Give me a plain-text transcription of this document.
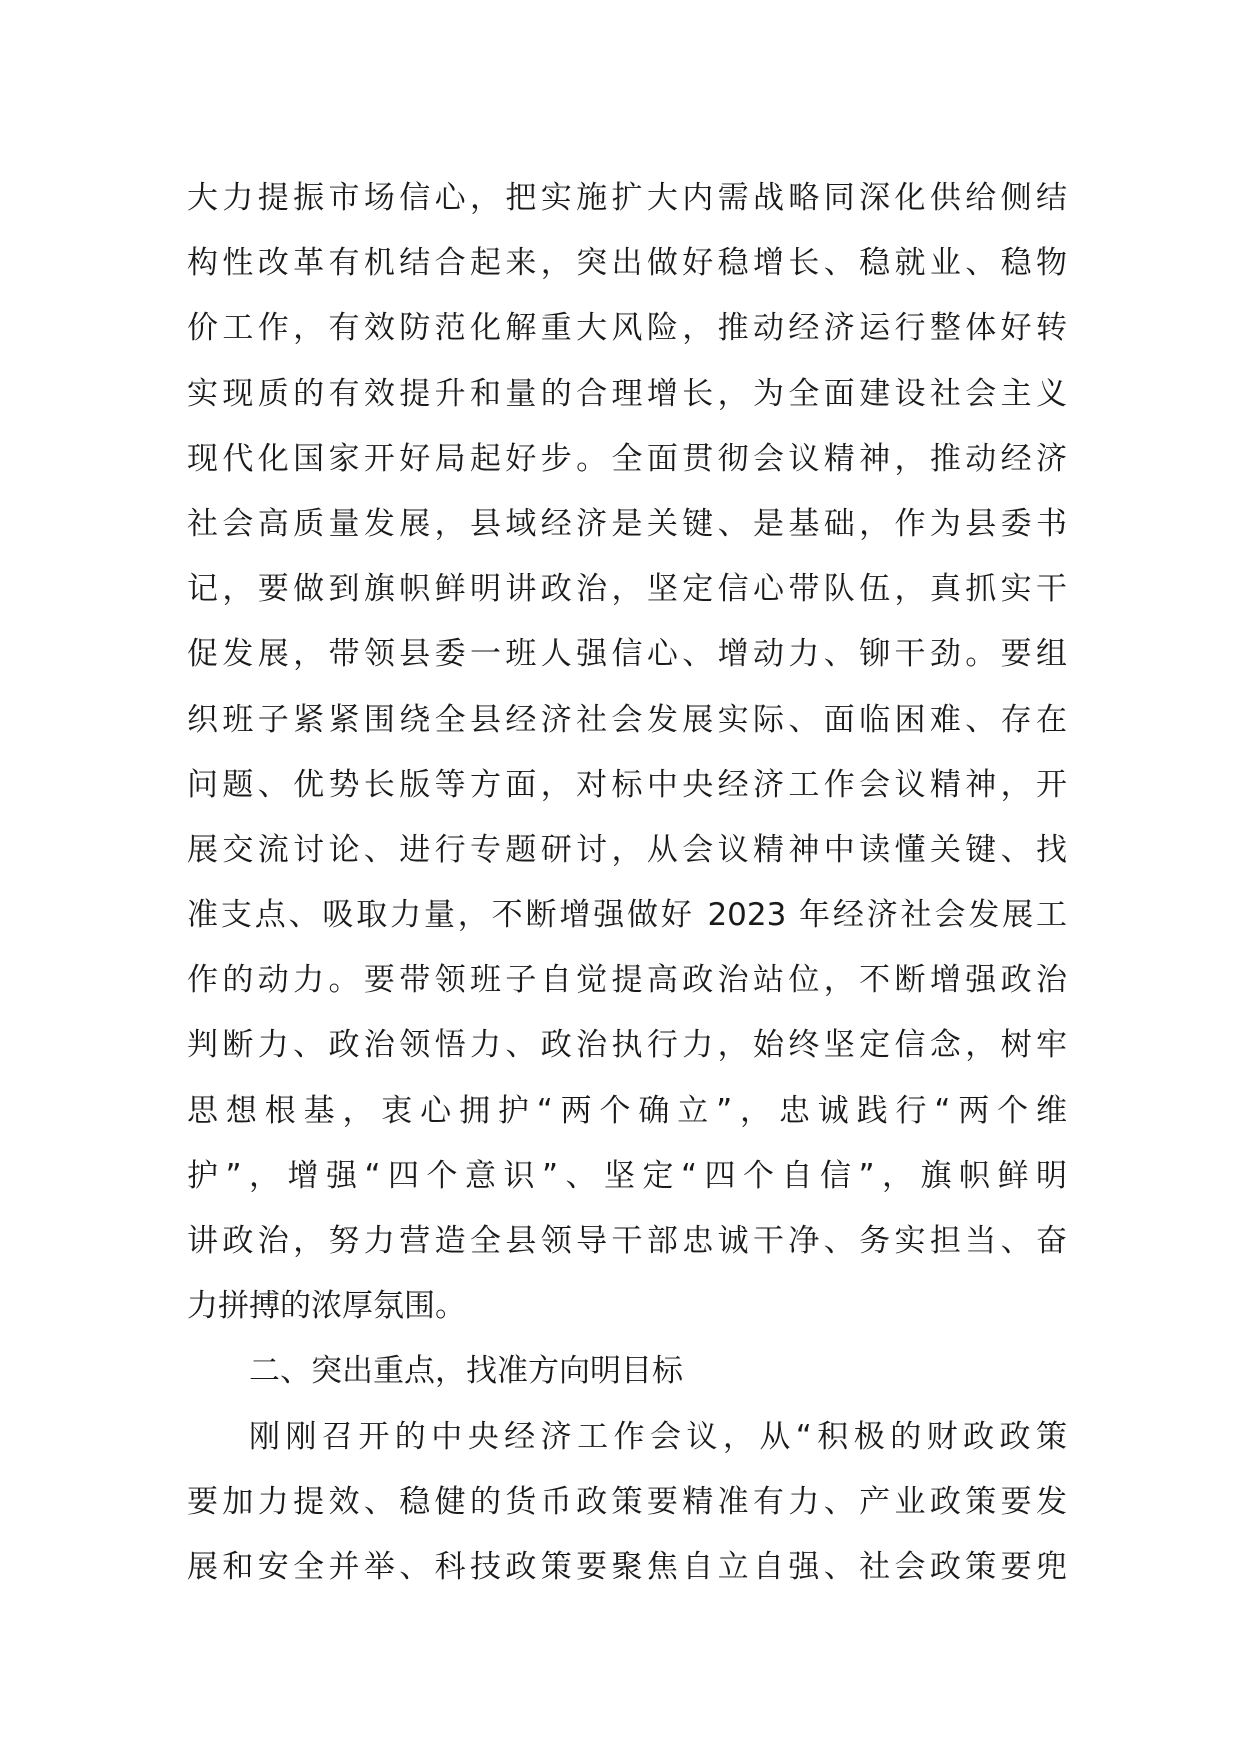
大力提振市场信心，把实施扩大内需战略同深化供给侧结
构性改革有机结合起来，突出做好稳增长、稳就业、稳物
价工作，有效防范化解重大风险，推动经济运行整体好转
实现质的有效提升和量的合理增长，为全面建设社会主义
现代化国家开好局起好步。全面贯彻会议精神，推动经济
社会高质量发展，县域经济是关键、是基础，作为县委书
记，要做到旗帜鲜明讲政治，坚定信心带队伍，真抓实干
促发展，带领县委一班人强信心、增动力、铆干劲。要组
织班子紧紧围绕全县经济社会发展实际、面临困难、存在
问题、优势长版等方面，对标中央经济工作会议精神，开
展交流讨论、进行专题研讨，从会议精神中读懂关键、找
准支点、吸取力量，不断增强做好 2023 年经济社会发展工
作的动力。要带领班子自觉提高政治站位，不断增强政治
判断力、政治领悟力、政治执行力，始终坚定信念，树牢
思想根基，衷心拥护“两个确立”，忠诚践行“两个维
护”，增强“四个意识”、坚定“四个自信”，旗帜鲜明
讲政治，努力营造全县领导干部忠诚干净、务实担当、奋
力拼搏的浓厚氛围。
二、突出重点，找准方向明目标
刚刚召开的中央经济工作会议，从“积极的财政政策
要加力提效、稳健的货币政策要精准有力、产业政策要发
展和安全并举、科技政策要聚焦自立自强、社会政策要兜
